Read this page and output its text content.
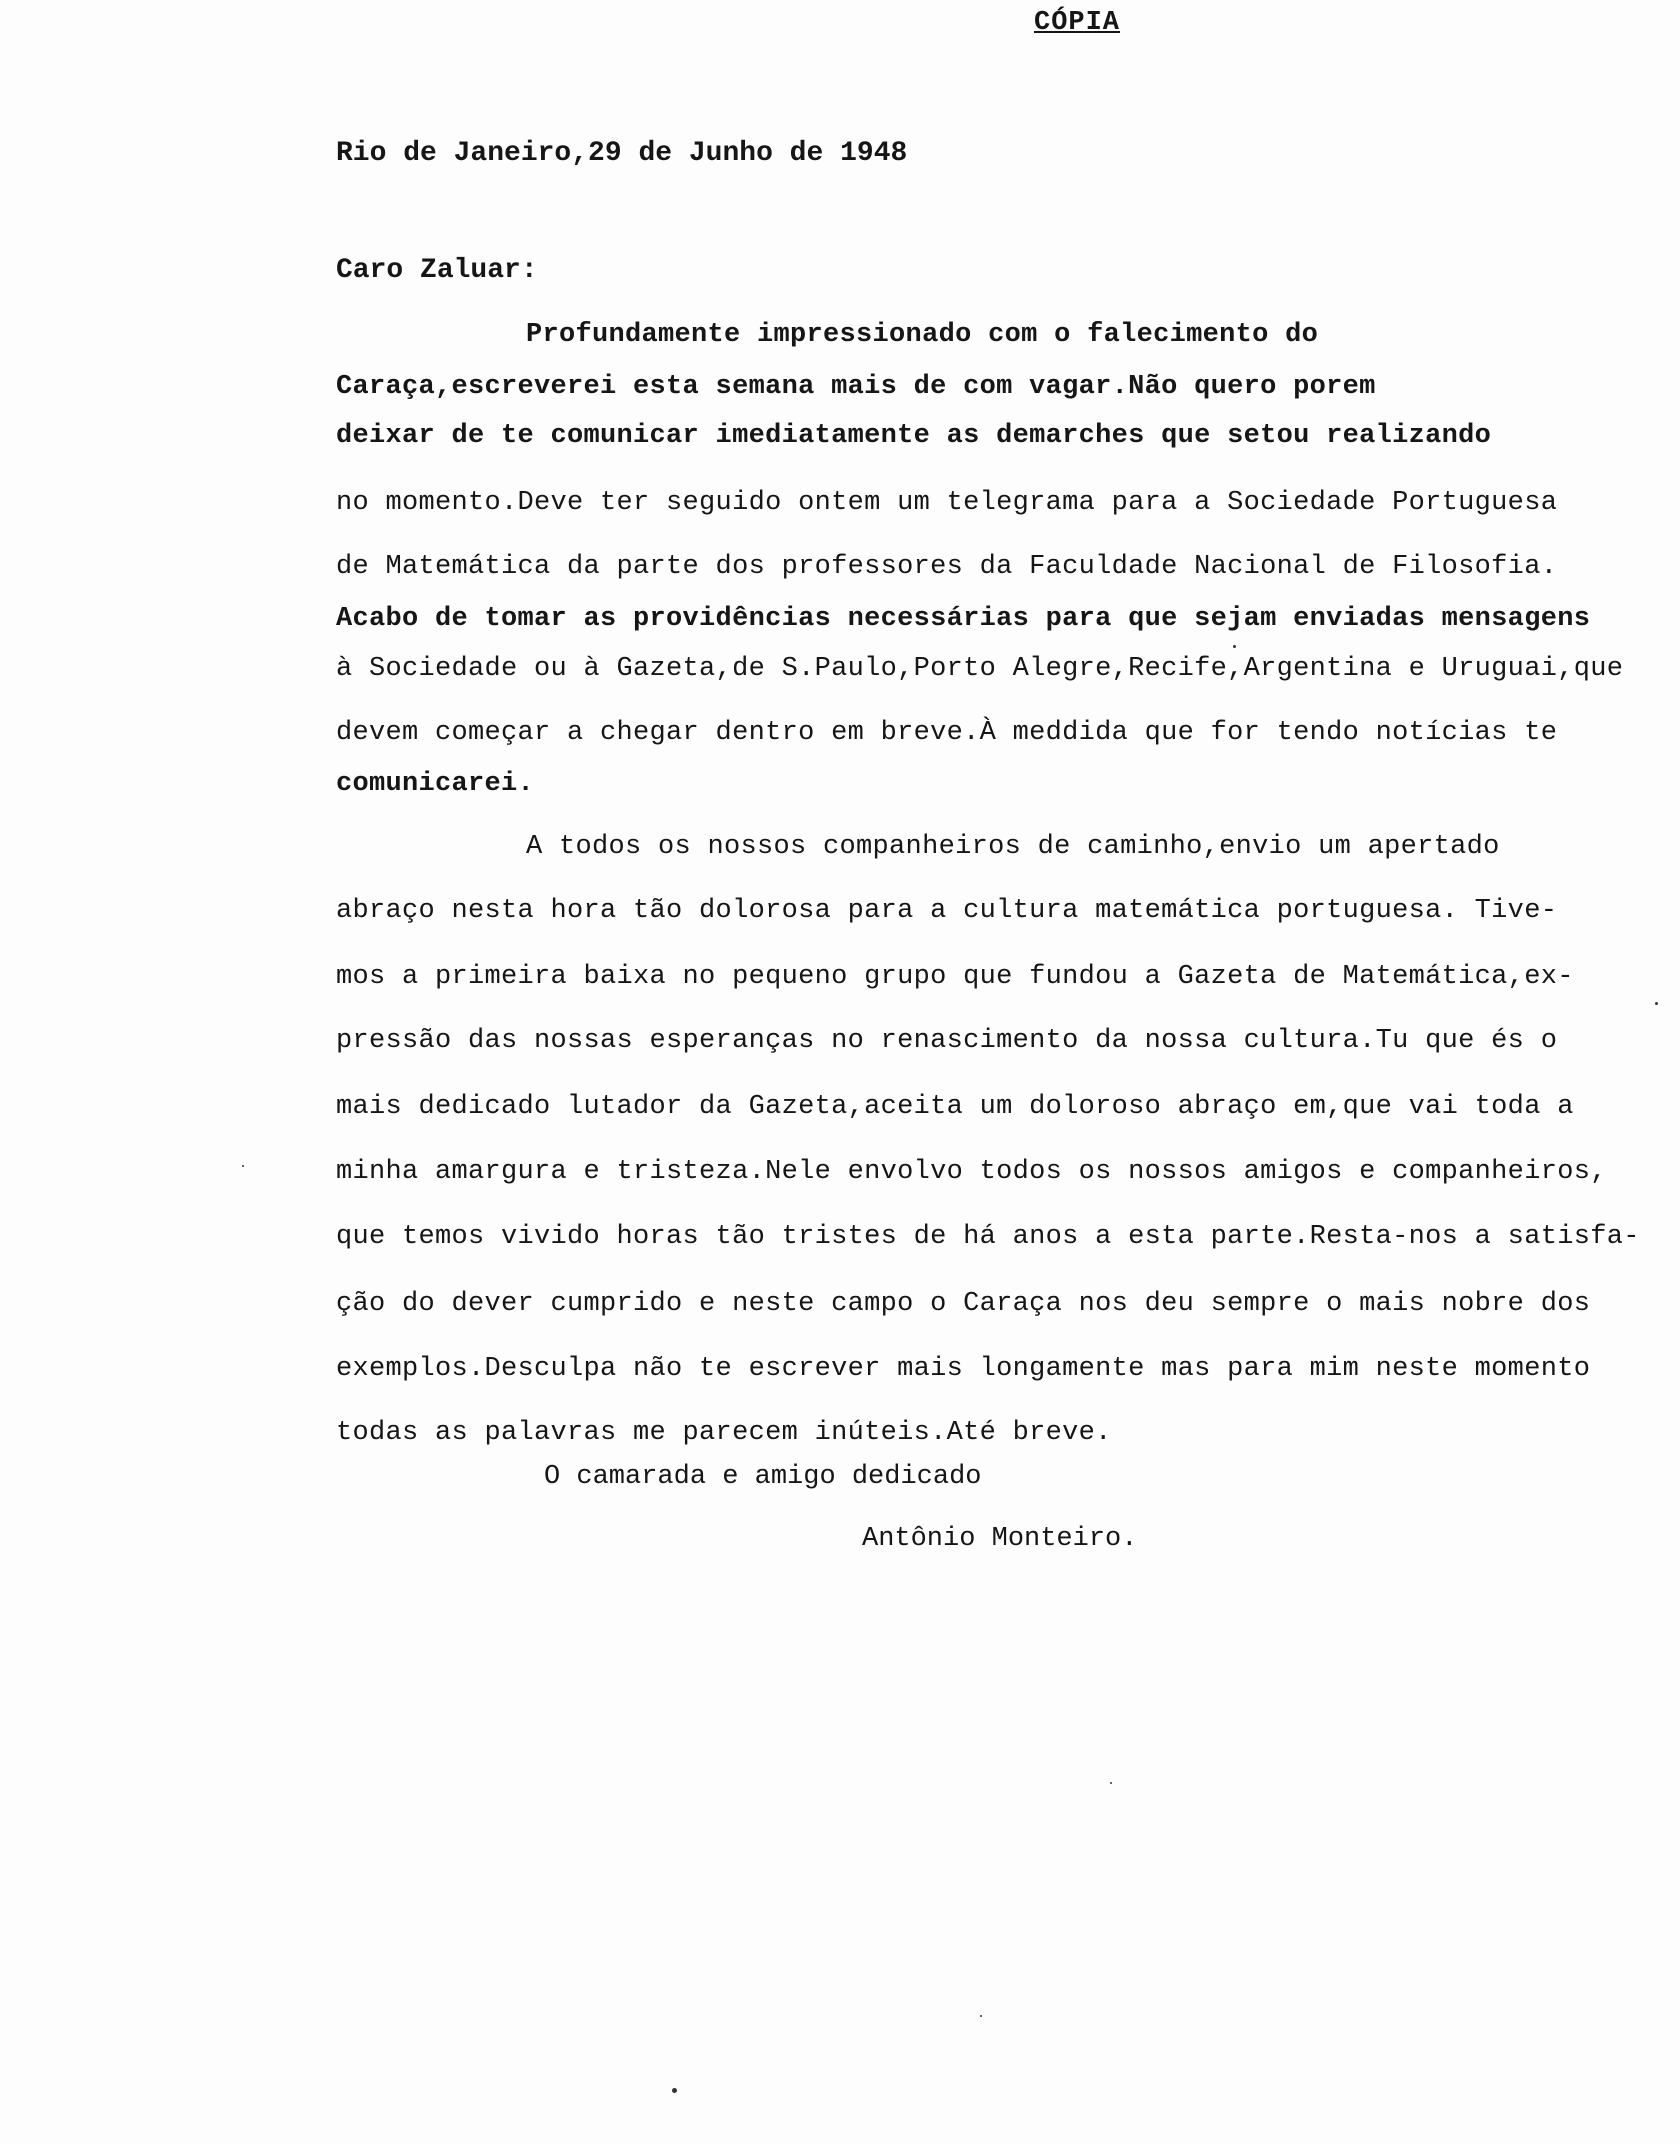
CÓPIA
Rio de Janeiro,29 de Junho de 1948
Caro Zaluar:
Profundamente impressionado com o falecimento do
Caraça,escreverei esta semana mais de com vagar.Não quero porem
deixar de te comunicar imediatamente as demarches que setou realizando
no momento.Deve ter seguido ontem um telegrama para a Sociedade Portuguesa
de Matemática da parte dos professores da Faculdade Nacional de Filosofia.
Acabo de tomar as providências necessárias para que sejam enviadas mensagens
à Sociedade ou à Gazeta,de S.Paulo,Porto Alegre,Recife,Argentina e Uruguai,que
devem começar a chegar dentro em breve.À meddida que for tendo notícias te
comunicarei.
A todos os nossos companheiros de caminho,envio um apertado
abraço nesta hora tão dolorosa para a cultura matemática portuguesa. Tive-
mos a primeira baixa no pequeno grupo que fundou a Gazeta de Matemática,ex-
pressão das nossas esperanças no renascimento da nossa cultura.Tu que és o
mais dedicado lutador da Gazeta,aceita um doloroso abraço em,que vai toda a
minha amargura e tristeza.Nele envolvo todos os nossos amigos e companheiros,
que temos vivido horas tão tristes de há anos a esta parte.Resta-nos a satisfa-
ção do dever cumprido e neste campo o Caraça nos deu sempre o mais nobre dos
exemplos.Desculpa não te escrever mais longamente mas para mim neste momento
todas as palavras me parecem inúteis.Até breve.
O camarada e amigo dedicado
Antônio Monteiro.
